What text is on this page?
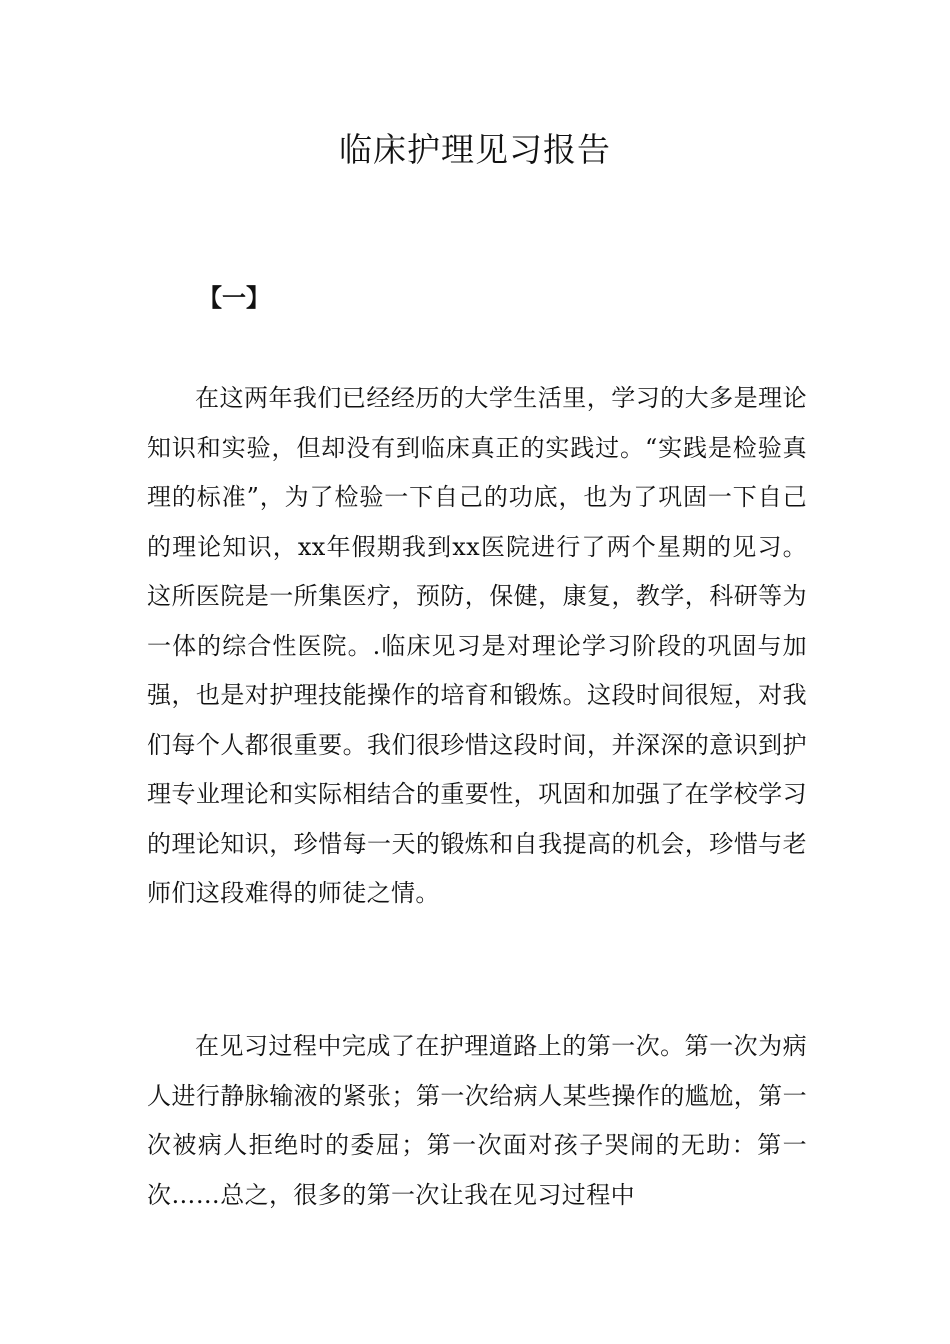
临床护理见习报告
【一】

在这两年我们已经经历的大学生活里，学习的大多是理论知识和实验，但却没有到临床真正的实践过。“实践是检验真理的标准”，为了检验一下自己的功底，也为了巩固一下自己的理论知识，xx年假期我到xx医院进行了两个星期的见习。这所医院是一所集医疗，预防，保健，康复，教学，科研等为一体的综合性医院。.临床见习是对理论学习阶段的巩固与加强，也是对护理技能操作的培育和锻炼。这段时间很短，对我们每个人都很重要。我们很珍惜这段时间，并深深的意识到护理专业理论和实际相结合的重要性，巩固和加强了在学校学习的理论知识，珍惜每一天的锻炼和自我提高的机会，珍惜与老师们这段难得的师徒之情。

在见习过程中完成了在护理道路上的第一次。第一次为病人进行静脉输液的紧张；第一次给病人某些操作的尴尬，第一次被病人拒绝时的委屈；第一次面对孩子哭闹的无助：第一次……总之，很多的第一次让我在见习过程中
